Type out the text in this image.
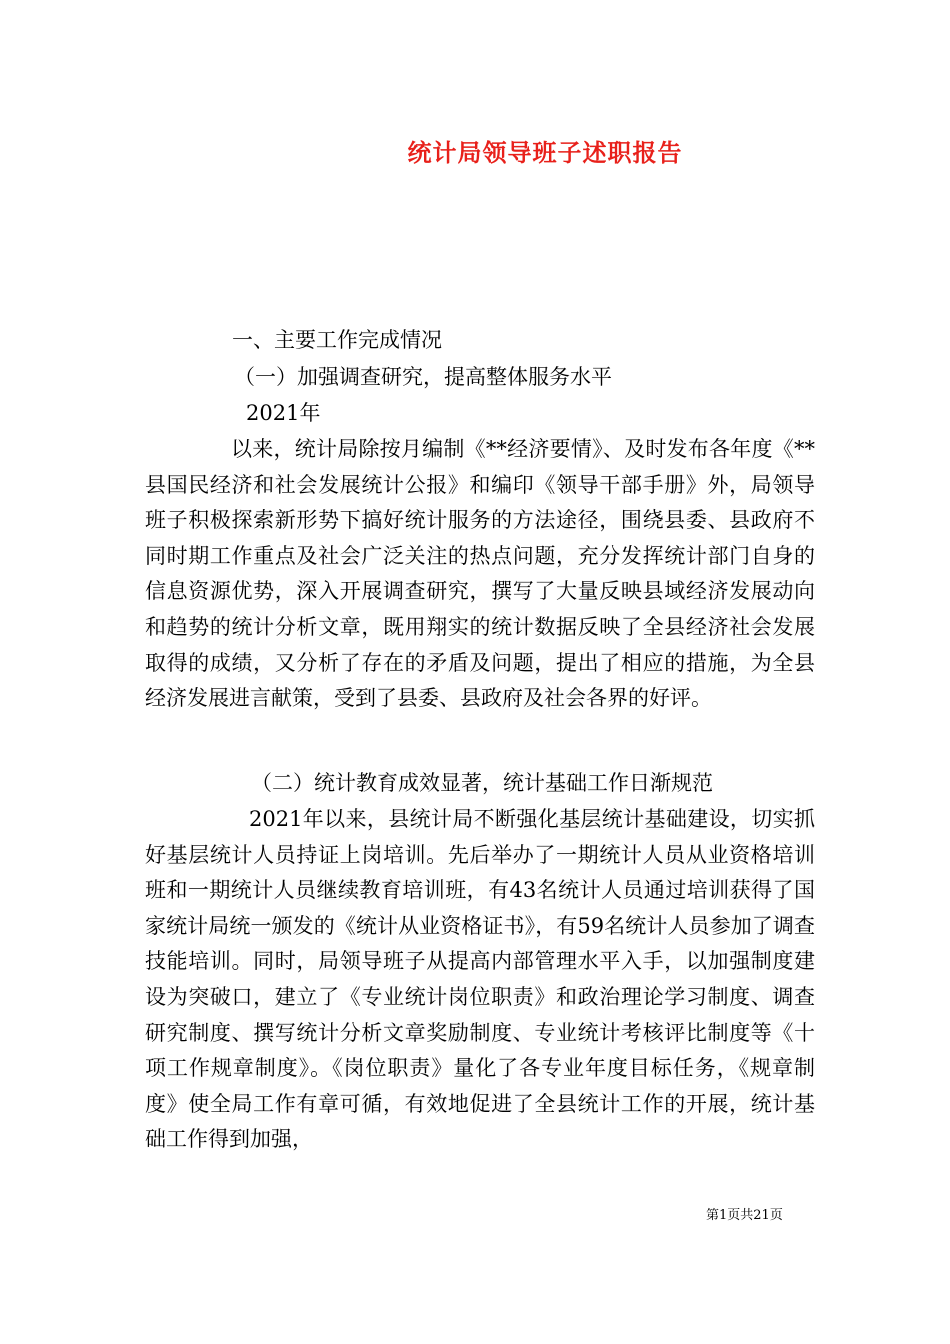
统计局领导班子述职报告
一、主要工作完成情况
（一）加强调查研究，提高整体服务水平
2021年
以来，统计局除按月编制《**经济要情》、及时发布各年度《**县国民经济和社会发展统计公报》和编印《领导干部手册》外，局领导班子积极探索新形势下搞好统计服务的方法途径，围绕县委、县政府不同时期工作重点及社会广泛关注的热点问题，充分发挥统计部门自身的信息资源优势，深入开展调查研究，撰写了大量反映县域经济发展动向和趋势的统计分析文章，既用翔实的统计数据反映了全县经济社会发展取得的成绩，又分析了存在的矛盾及问题，提出了相应的措施，为全县经济发展进言献策，受到了县委、县政府及社会各界的好评。
（二）统计教育成效显著，统计基础工作日渐规范
2021年以来，县统计局不断强化基层统计基础建设，切实抓好基层统计人员持证上岗培训。先后举办了一期统计人员从业资格培训班和一期统计人员继续教育培训班，有43名统计人员通过培训获得了国家统计局统一颁发的《统计从业资格证书》，有59名统计人员参加了调查技能培训。同时，局领导班子从提高内部管理水平入手，以加强制度建设为突破口，建立了《专业统计岗位职责》和政治理论学习制度、调查研究制度、撰写统计分析文章奖励制度、专业统计考核评比制度等《十项工作规章制度》。《岗位职责》量化了各专业年度目标任务，《规章制度》使全局工作有章可循，有效地促进了全县统计工作的开展，统计基础工作得到加强，
第1页共21页
